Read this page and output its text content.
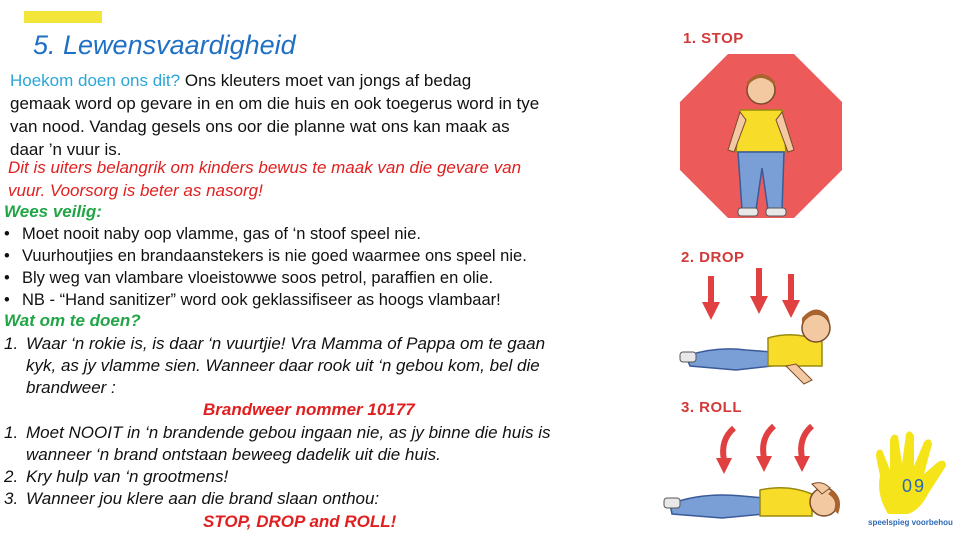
5. Lewensvaardigheid
Hoekom doen ons dit? Ons kleuters moet van jongs af bedag
gemaak word op gevare in en om die huis en ook toegerus word in tye
van nood. Vandag gesels ons oor die planne wat ons kan maak as
daar ’n vuur is.
Dit is uiters belangrik om kinders bewus te maak van die gevare van
vuur. Voorsorg is beter as nasorg!
Wees veilig:
• Moet nooit naby oop vlamme, gas of ‘n stoof speel nie.
• Vuurhoutjies en brandaanstekers is nie goed waarmee ons speel nie.
• Bly weg van vlambare vloeistowwe soos petrol, paraffien en olie.
• NB - “Hand sanitizer” word ook geklassifiseer as hoogs vlambaar!
Wat om te doen?
1. Waar ‘n rokie is, is daar ‘n vuurtjie! Vra Mamma of Pappa om te gaan
kyk, as jy vlamme sien. Wanneer daar rook uit ‘n gebou kom, bel die
brandweer :
Brandweer nommer 10177
1. Moet NOOIT in ‘n brandende gebou ingaan nie, as jy binne die huis is
wanneer ‘n brand ontstaan beweeg dadelik uit die huis.
2. Kry hulp van ‘n grootmens!
3. Wanneer jou klere aan die brand slaan onthou:
STOP, DROP and ROLL!
1. STOP
2. DROP
3. ROLL
09
speelspieg voorbehou
